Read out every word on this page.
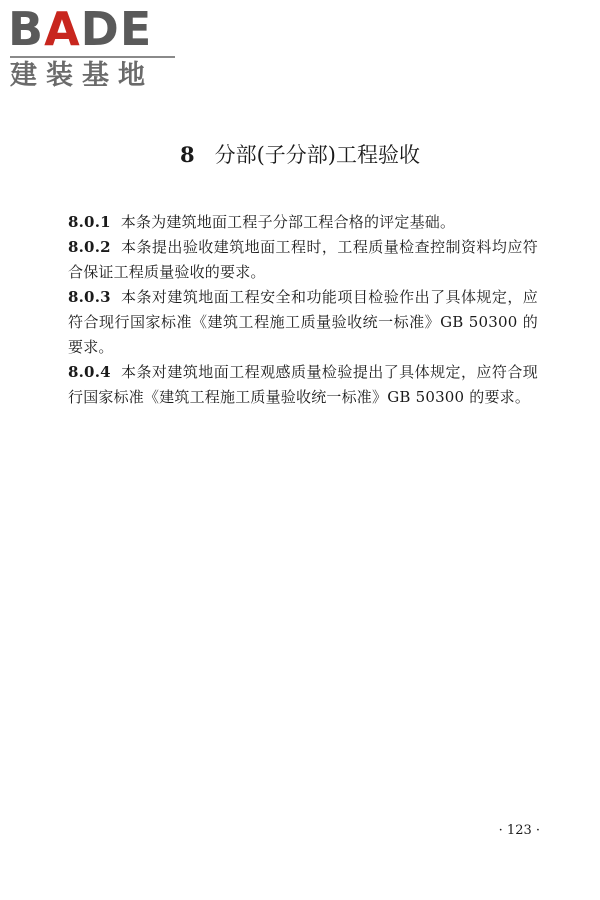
BADE
建装基地
8 分部(子分部)工程验收

8.0.1 本条为建筑地面工程子分部工程合格的评定基础。

8.0.2 本条提出验收建筑地面工程时，工程质量检查控制资料均应符合保证工程质量验收的要求。

8.0.3 本条对建筑地面工程安全和功能项目检验作出了具体规定，应符合现行国家标准《建筑工程施工质量验收统一标准》GB 50300 的要求。

8.0.4 本条对建筑地面工程观感质量检验提出了具体规定，应符合现行国家标准《建筑工程施工质量验收统一标准》GB 50300 的要求。

· 123 ·
